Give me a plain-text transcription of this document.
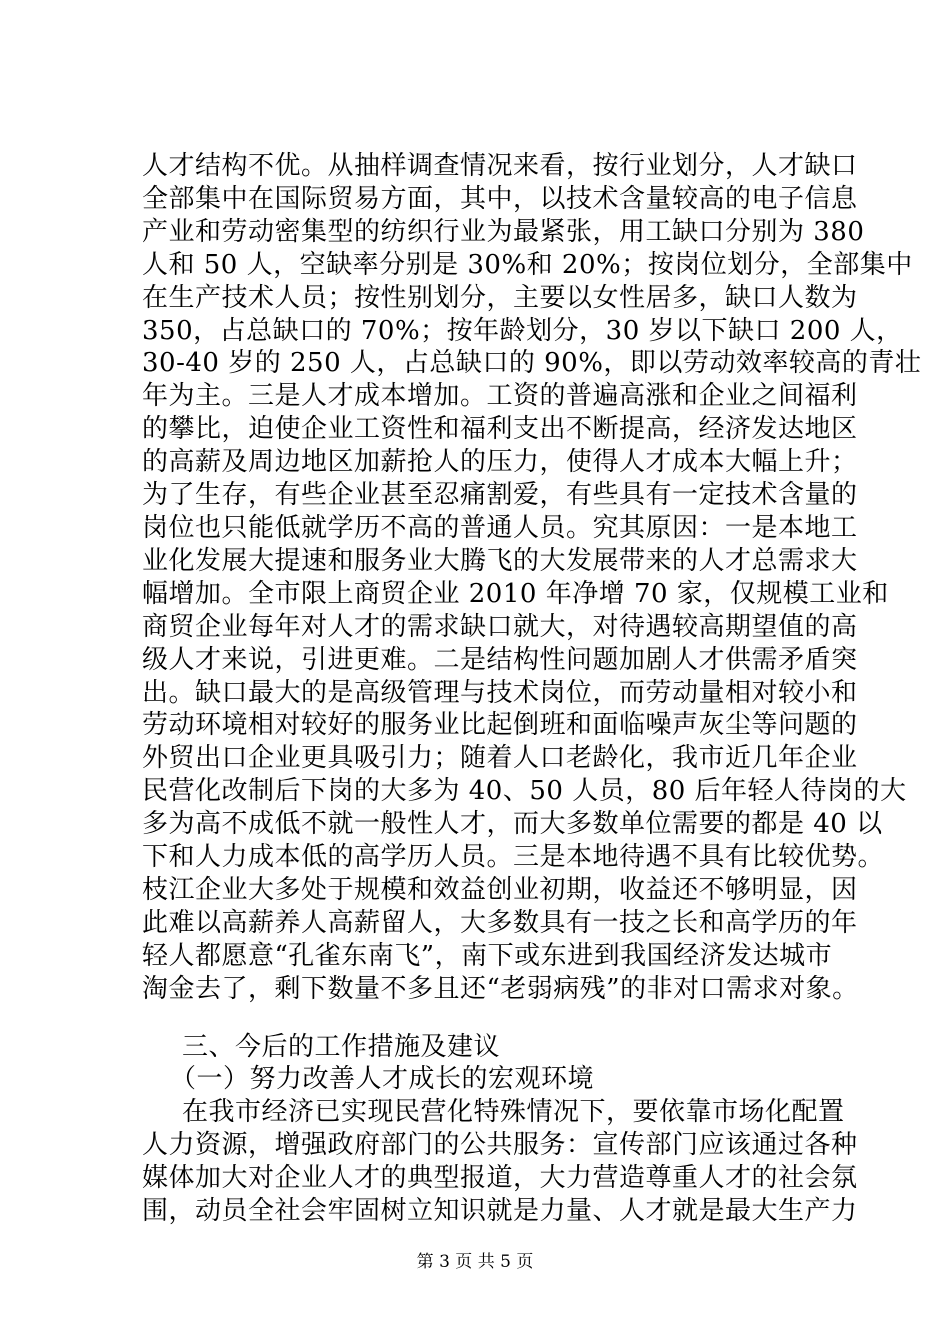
人才结构不优。从抽样调查情况来看，按行业划分，人才缺口
全部集中在国际贸易方面，其中，以技术含量较高的电子信息
产业和劳动密集型的纺织行业为最紧张，用工缺口分别为 380
人和 50 人，空缺率分别是 30%和 20%；按岗位划分，全部集中
在生产技术人员；按性别划分，主要以女性居多，缺口人数为
350，占总缺口的 70%；按年龄划分，30 岁以下缺口 200 人，
30-40 岁的 250 人，占总缺口的 90%，即以劳动效率较高的青壮
年为主。三是人才成本增加。工资的普遍高涨和企业之间福利
的攀比，迫使企业工资性和福利支出不断提高，经济发达地区
的高薪及周边地区加薪抢人的压力，使得人才成本大幅上升；
为了生存，有些企业甚至忍痛割爱，有些具有一定技术含量的
岗位也只能低就学历不高的普通人员。究其原因：一是本地工
业化发展大提速和服务业大腾飞的大发展带来的人才总需求大
幅增加。全市限上商贸企业 2010 年净增 70 家，仅规模工业和
商贸企业每年对人才的需求缺口就大，对待遇较高期望值的高
级人才来说，引进更难。二是结构性问题加剧人才供需矛盾突
出。缺口最大的是高级管理与技术岗位，而劳动量相对较小和
劳动环境相对较好的服务业比起倒班和面临噪声灰尘等问题的
外贸出口企业更具吸引力；随着人口老龄化，我市近几年企业
民营化改制后下岗的大多为 40、50 人员，80 后年轻人待岗的大
多为高不成低不就一般性人才，而大多数单位需要的都是 40 以
下和人力成本低的高学历人员。三是本地待遇不具有比较优势。
枝江企业大多处于规模和效益创业初期，收益还不够明显，因
此难以高薪养人高薪留人，大多数具有一技之长和高学历的年
轻人都愿意“孔雀东南飞”，南下或东进到我国经济发达城市
淘金去了，剩下数量不多且还“老弱病残”的非对口需求对象。
三、今后的工作措施及建议
（一）努力改善人才成长的宏观环境
在我市经济已实现民营化特殊情况下，要依靠市场化配置
人力资源，增强政府部门的公共服务：宣传部门应该通过各种
媒体加大对企业人才的典型报道，大力营造尊重人才的社会氛
围，动员全社会牢固树立知识就是力量、人才就是最大生产力
第 3 页 共 5 页
